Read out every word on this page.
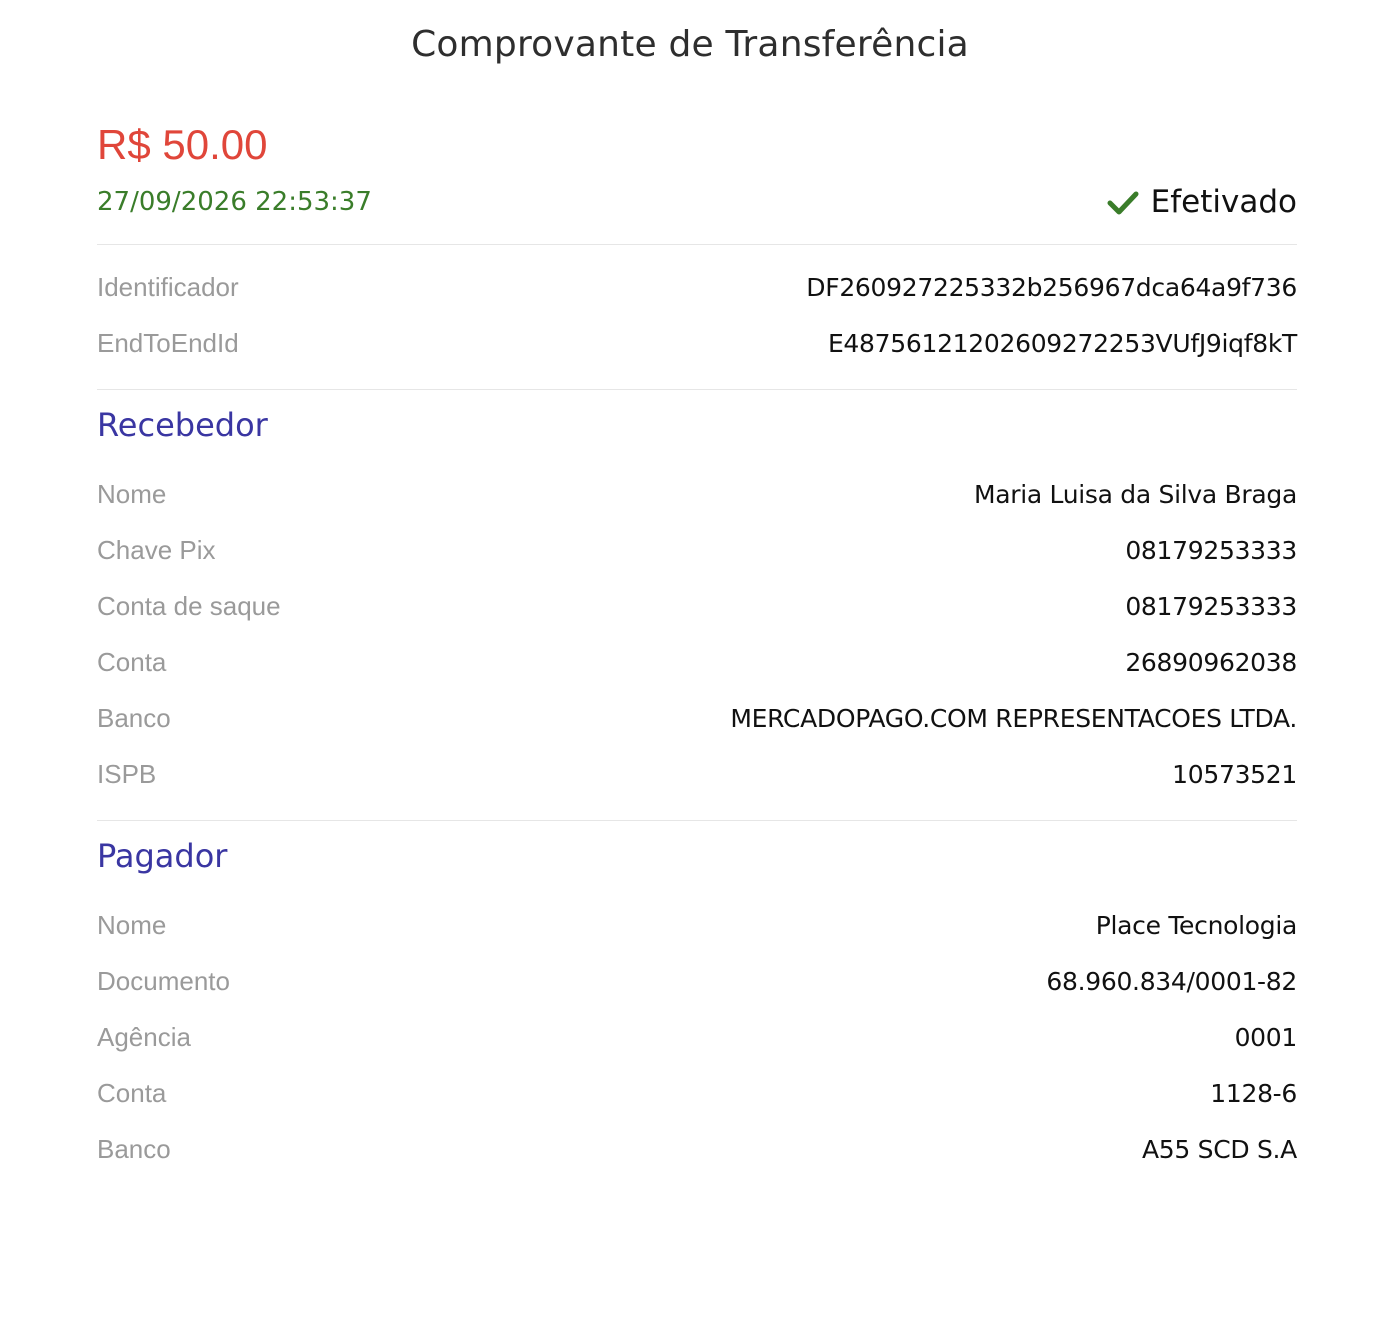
Comprovante de Transferência
R$ 50.00
27/09/2026 22:53:37	Efetivado
Identificador	DF260927225332b256967dca64a9f736
EndToEndId	E48756121202609272253VUfJ9iqf8kT
Recebedor
Nome	Maria Luisa da Silva Braga
Chave Pix	08179253333
Conta de saque	08179253333
Conta	26890962038
Banco	MERCADOPAGO.COM REPRESENTACOES LTDA.
ISPB	10573521
Pagador
Nome	Place Tecnologia
Documento	68.960.834/0001-82
Agência	0001
Conta	1128-6
Banco	A55 SCD S.A
